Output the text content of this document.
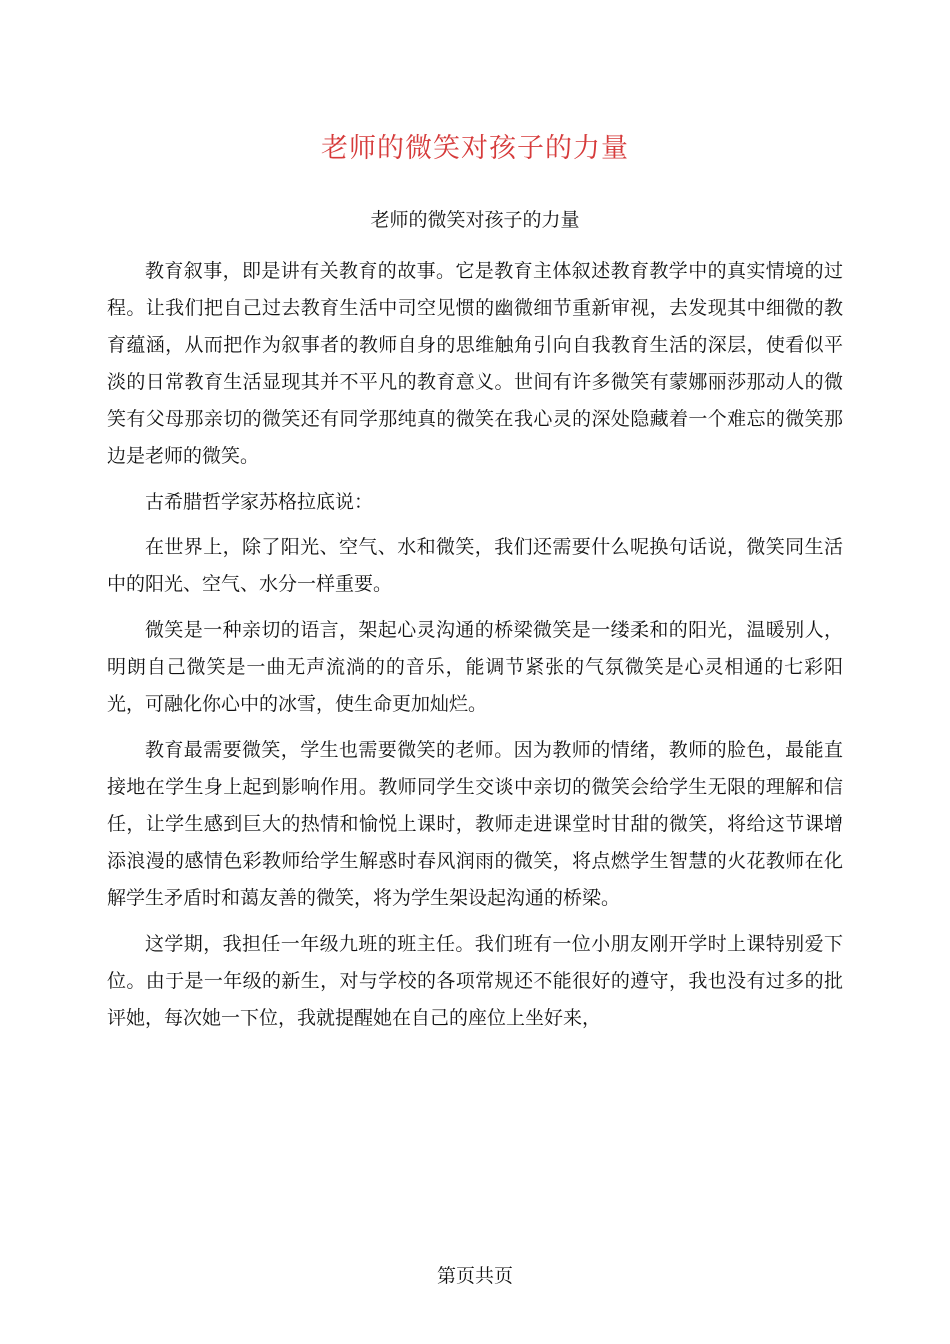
老师的微笑对孩子的力量
老师的微笑对孩子的力量

教育叙事，即是讲有关教育的故事。它是教育主体叙述教育教学中的真实情境的过程。让我们把自己过去教育生活中司空见惯的幽微细节重新审视，去发现其中细微的教育蕴涵，从而把作为叙事者的教师自身的思维触角引向自我教育生活的深层，使看似平淡的日常教育生活显现其并不平凡的教育意义。世间有许多微笑有蒙娜丽莎那动人的微笑有父母那亲切的微笑还有同学那纯真的微笑在我心灵的深处隐藏着一个难忘的微笑那边是老师的微笑。

古希腊哲学家苏格拉底说：

在世界上，除了阳光、空气、水和微笑，我们还需要什么呢换句话说，微笑同生活中的阳光、空气、水分一样重要。

微笑是一种亲切的语言，架起心灵沟通的桥梁微笑是一缕柔和的阳光，温暖别人，明朗自己微笑是一曲无声流淌的的音乐，能调节紧张的气氛微笑是心灵相通的七彩阳光，可融化你心中的冰雪，使生命更加灿烂。

教育最需要微笑，学生也需要微笑的老师。因为教师的情绪，教师的脸色，最能直接地在学生身上起到影响作用。教师同学生交谈中亲切的微笑会给学生无限的理解和信任，让学生感到巨大的热情和愉悦上课时，教师走进课堂时甘甜的微笑，将给这节课增添浪漫的感情色彩教师给学生解惑时春风润雨的微笑，将点燃学生智慧的火花教师在化解学生矛盾时和蔼友善的微笑，将为学生架设起沟通的桥梁。

这学期，我担任一年级九班的班主任。我们班有一位小朋友刚开学时上课特别爱下位。由于是一年级的新生，对与学校的各项常规还不能很好的遵守，我也没有过多的批评她，每次她一下位，我就提醒她在自己的座位上坐好来，

第页共页
